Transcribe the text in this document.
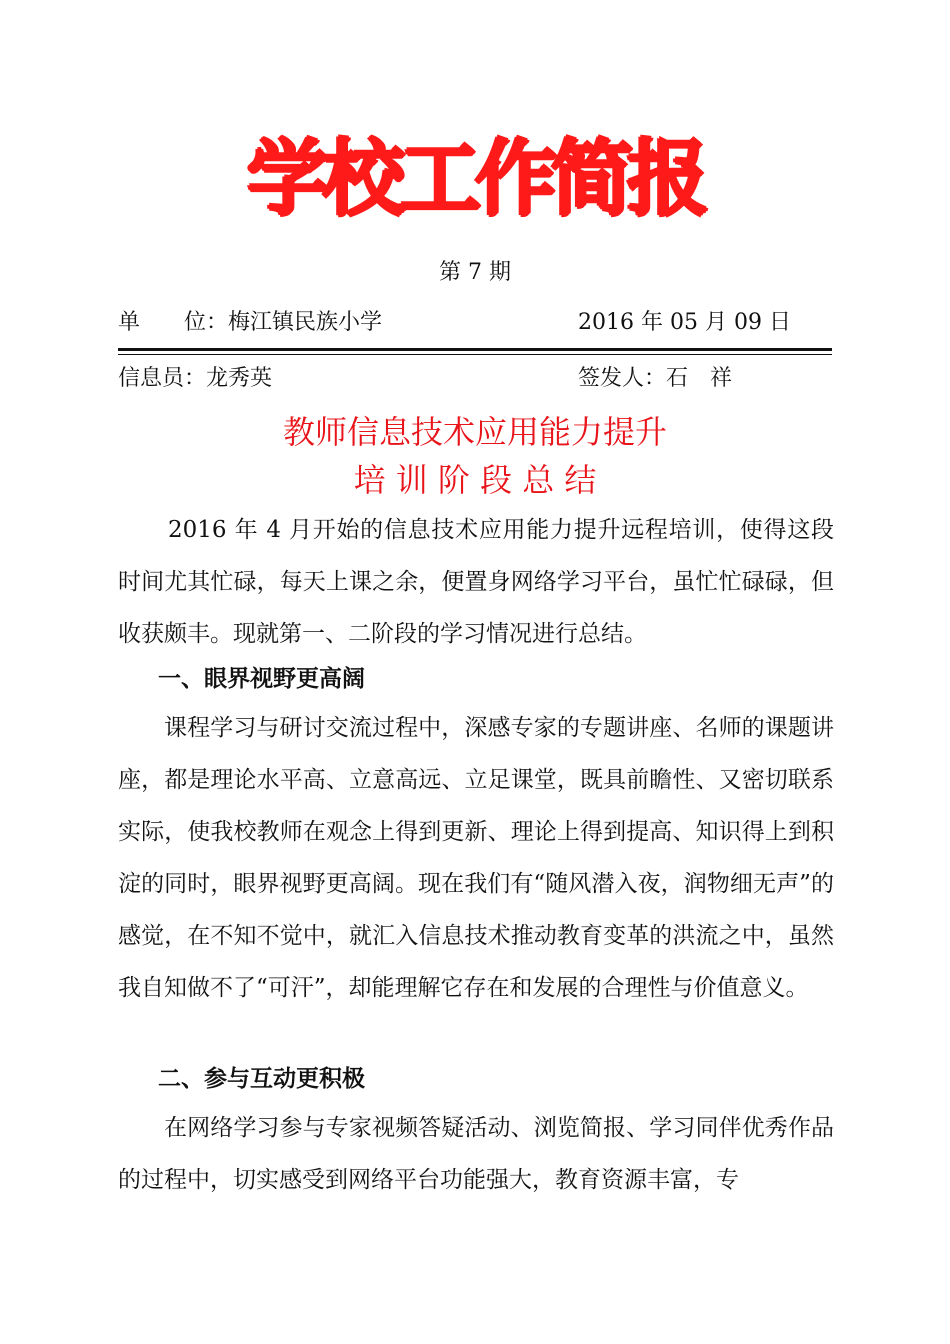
学校工作简报
第 7 期
单　　位：梅江镇民族小学	2016 年 05 月 09 日
信息员：龙秀英	签发人：石　祥
教师信息技术应用能力提升
培 训 阶 段 总 结

2016 年 4 月开始的信息技术应用能力提升远程培训，使得这段时间尤其忙碌，每天上课之余，便置身网络学习平台，虽忙忙碌碌，但收获颇丰。现就第一、二阶段的学习情况进行总结。

一、眼界视野更高阔

课程学习与研讨交流过程中，深感专家的专题讲座、名师的课题讲座，都是理论水平高、立意高远、立足课堂，既具前瞻性、又密切联系实际，使我校教师在观念上得到更新、理论上得到提高、知识得上到积淀的同时，眼界视野更高阔。现在我们有“随风潜入夜，润物细无声”的感觉，在不知不觉中，就汇入信息技术推动教育变革的洪流之中，虽然我自知做不了“可汗”，却能理解它存在和发展的合理性与价值意义。

二、参与互动更积极

在网络学习参与专家视频答疑活动、浏览简报、学习同伴优秀作品的过程中，切实感受到网络平台功能强大，教育资源丰富，专
